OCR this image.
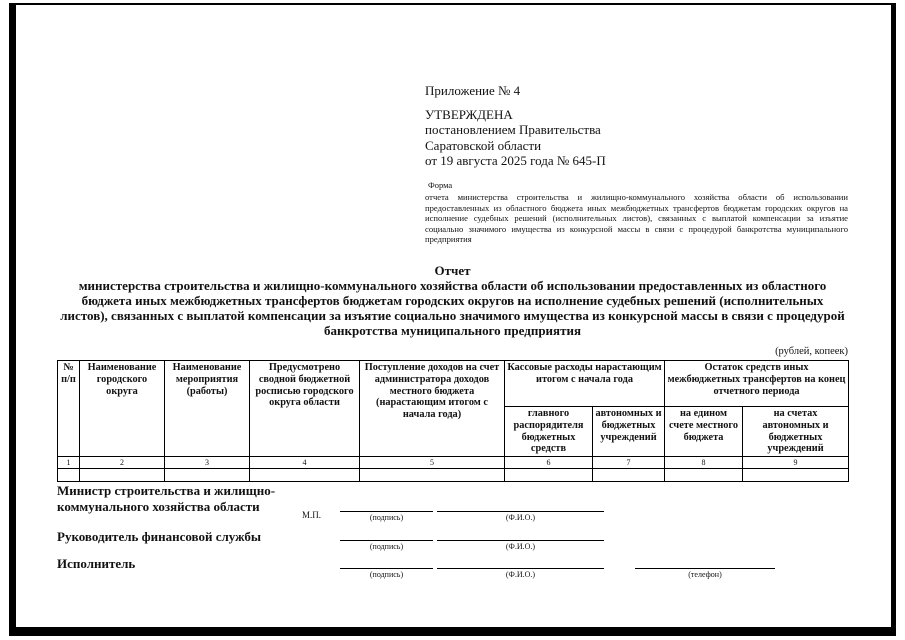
Приложение № 4
УТВЕРЖДЕНА
постановлением Правительства
Саратовской области
от 19 августа 2025 года № 645-П
Форма
отчета министерства строительства и жилищно-коммунального хозяйства области об использовании предоставленных из областного бюджета иных межбюджетных трансфертов бюджетам городских округов на исполнение судебных решений (исполнительных листов), связанных с выплатой компенсации за изъятие социально значимого имущества из конкурсной массы в связи с процедурой банкротства муниципального предприятия
Отчет
министерства строительства и жилищно-коммунального хозяйства области об использовании предоставленных из областного бюджета иных межбюджетных трансфертов бюджетам городских округов на исполнение судебных решений (исполнительных листов), связанных с выплатой компенсации за изъятие социально значимого имущества из конкурсной массы в связи с процедурой банкротства муниципального предприятия
(рублей, копеек)
№ п/п	Наименование городского округа	Наименование мероприятия (работы)	Предусмотрено сводной бюджетной росписью городского округа области	Поступление доходов на счет администратора доходов местного бюджета (нарастающим итогом с начала года)	Кассовые расходы нарастающим итогом с начала года		Остаток средств иных межбюджетных трансфертов на конец отчетного периода	
					главного распорядителя бюджетных средств	автономных и бюджетных учреждений	на едином счете местного бюджета	на счетах автономных и бюджетных учреждений
1	2	3	4	5	6	7	8	9

Министр строительства и жилищно-коммунального хозяйства области
М.П.	(подпись)	(Ф.И.О.)
Руководитель финансовой службы
(подпись)	(Ф.И.О.)
Исполнитель
(подпись)	(Ф.И.О.)	(телефон)
